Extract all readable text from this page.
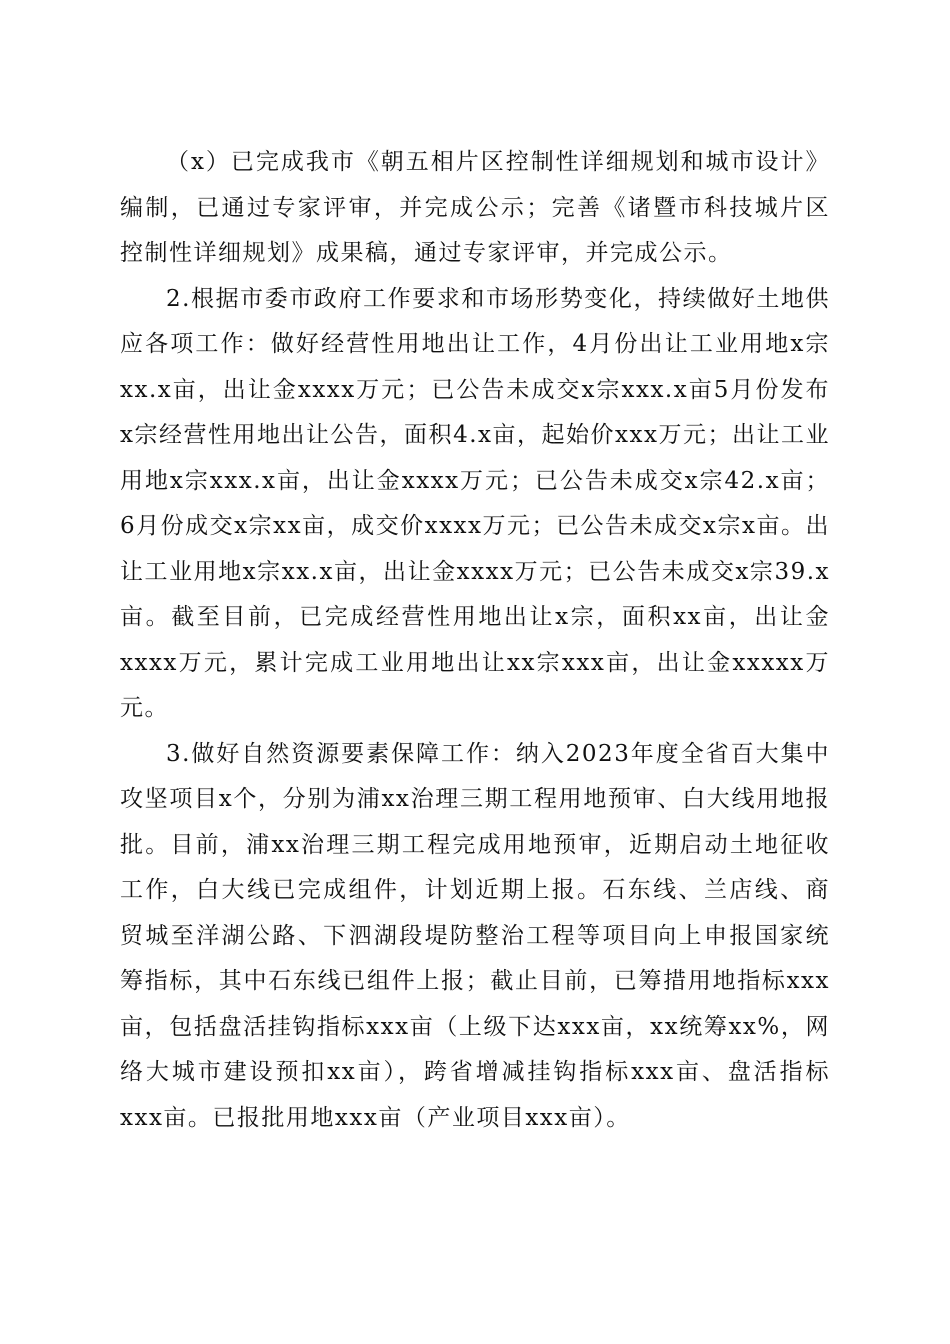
（x）已完成我市《朝五相片区控制性详细规划和城市设计》编制，已通过专家评审，并完成公示；完善《诸暨市科技城片区控制性详细规划》成果稿，通过专家评审，并完成公示。

2.根据市委市政府工作要求和市场形势变化，持续做好土地供应各项工作：做好经营性用地出让工作，4月份出让工业用地x宗xx.x亩，出让金xxxx万元；已公告未成交x宗xxx.x亩5月份发布x宗经营性用地出让公告，面积4.x亩，起始价xxx万元；出让工业用地x宗xxx.x亩，出让金xxxx万元；已公告未成交x宗42.x亩；6月份成交x宗xx亩，成交价xxxx万元；已公告未成交x宗x亩。出让工业用地x宗xx.x亩，出让金xxxx万元；已公告未成交x宗39.x亩。截至目前，已完成经营性用地出让x宗，面积xx亩，出让金xxxx万元，累计完成工业用地出让xx宗xxx亩，出让金xxxxx万元。

3.做好自然资源要素保障工作：纳入2023年度全省百大集中攻坚项目x个，分别为浦xx治理三期工程用地预审、白大线用地报批。目前，浦xx治理三期工程完成用地预审，近期启动土地征收工作，白大线已完成组件，计划近期上报。石东线、兰店线、商贸城至洋湖公路、下泗湖段堤防整治工程等项目向上申报国家统筹指标，其中石东线已组件上报；截止目前，已筹措用地指标xxx亩，包括盘活挂钩指标xxx亩（上级下达xxx亩，xx统筹xx%，网络大城市建设预扣xx亩），跨省增减挂钩指标xxx亩、盘活指标xxx亩。已报批用地xxx亩（产业项目xxx亩）。
